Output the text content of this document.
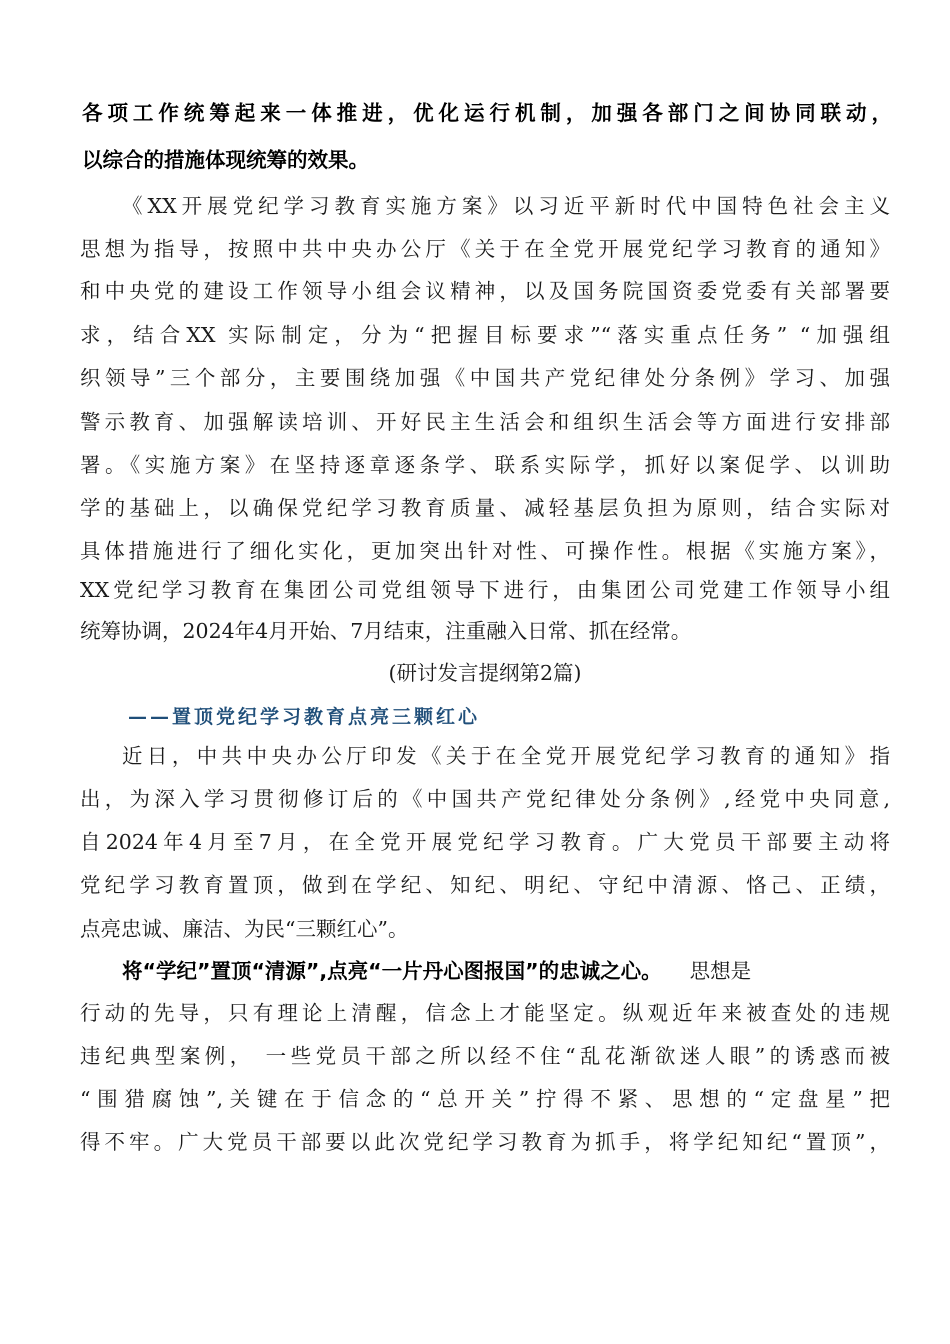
各项工作统筹起来一体推进，优化运行机制，加强各部门之间协同联动，
以综合的措施体现统筹的效果。
《XX开展党纪学习教育实施方案》以习近平新时代中国特色社会主义
思想为指导，按照中共中央办公厅《关于在全党开展党纪学习教育的通知》
和中央党的建设工作领导小组会议精神，以及国务院国资委党委有关部署要
求，结合XX 实际制定，分为“把握目标要求”“落实重点任务” “加强组
织领导”三个部分，主要围绕加强《中国共产党纪律处分条例》学习、加强
警示教育、加强解读培训、开好民主生活会和组织生活会等方面进行安排部
署。《实施方案》在坚持逐章逐条学、联系实际学，抓好以案促学、以训助
学的基础上，以确保党纪学习教育质量、减轻基层负担为原则，结合实际对
具体措施进行了细化实化，更加突出针对性、可操作性。根据《实施方案》，
XX党纪学习教育在集团公司党组领导下进行，由集团公司党建工作领导小组
统筹协调，2024年4月开始、7月结束，注重融入日常、抓在经常。
(研讨发言提纲第2篇)
——置顶党纪学习教育点亮三颗红心
近日，中共中央办公厅印发《关于在全党开展党纪学习教育的通知》指
出，为深入学习贯彻修订后的《中国共产党纪律处分条例》,经党中央同意,
自2024年4月至7月，在全党开展党纪学习教育。广大党员干部要主动将
党纪学习教育置顶，做到在学纪、知纪、明纪、守纪中清源、恪己、正绩，
点亮忠诚、廉洁、为民“三颗红心”。
将“学纪”置顶“清源”,点亮“一片丹心图报国”的忠诚之心。 思想是
行动的先导，只有理论上清醒，信念上才能坚定。纵观近年来被查处的违规
违纪典型案例， 一些党员干部之所以经不住“乱花渐欲迷人眼”的诱惑而被
“围猎腐蚀”,关键在于信念的“总开关”拧得不紧、思想的“定盘星”把
得不牢。广大党员干部要以此次党纪学习教育为抓手，将学纪知纪“置顶”，
